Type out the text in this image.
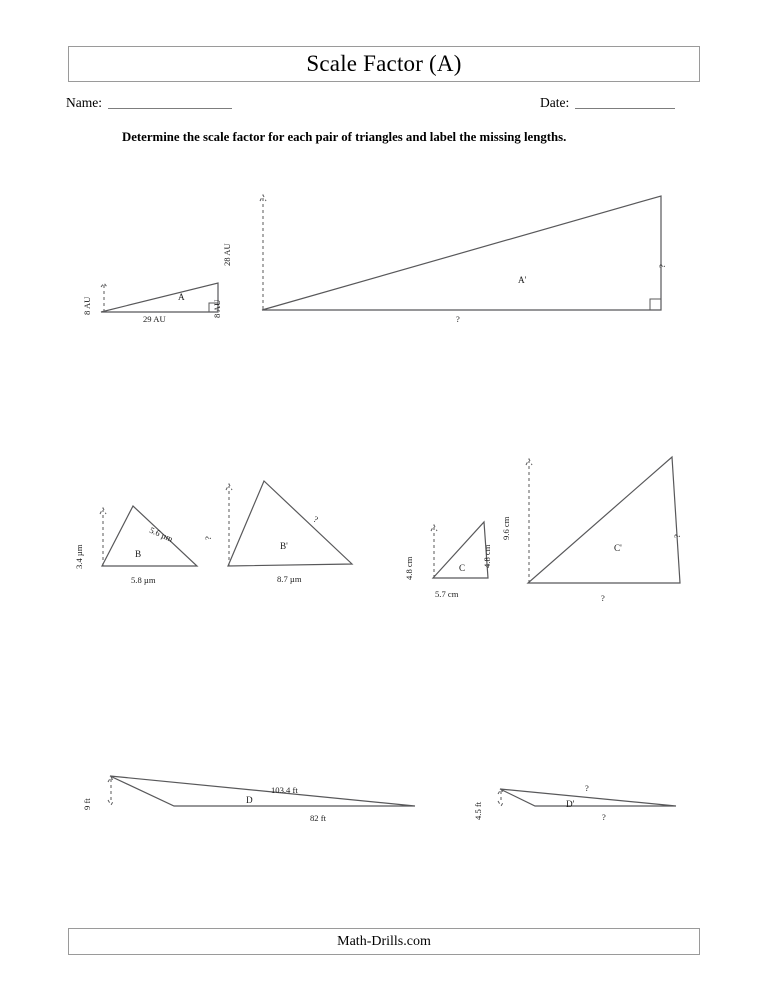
Scale Factor (A)
Name:	Date:
Determine the scale factor for each pair of triangles and label the missing lengths.
8 AU
29 AU
8 AU
A
28 AU
?
?
A'
3.4 µm
5.8 µm
5.6 µm
B
?
8.7 µm
?
B'
4.8 cm
5.7 cm
4.8 cm
C
9.6 cm
?
?
C'
9 ft
103.4 ft
82 ft
D
4.5 ft
?
?
D'
Math-Drills.com
